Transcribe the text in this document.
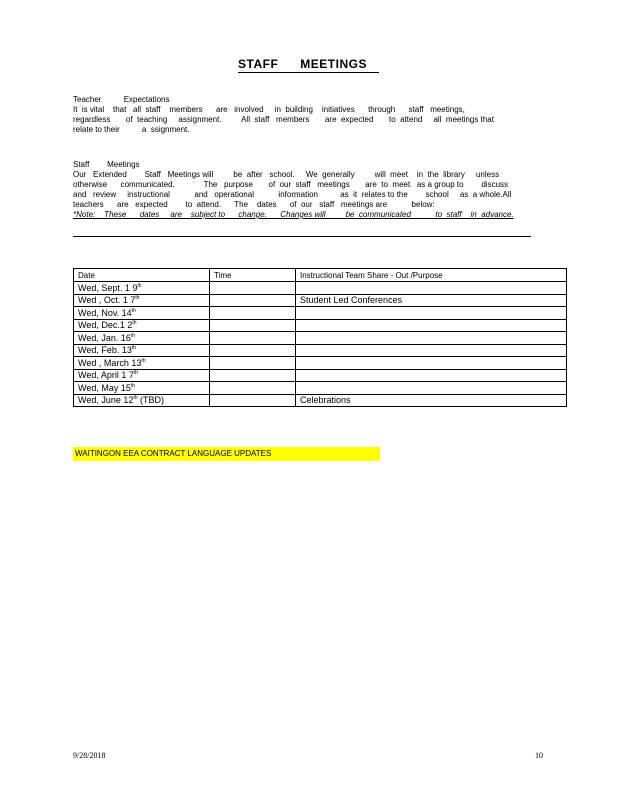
STAFF MEETINGS

Teacher          Expectations

It  is vital    that   all  staff    members      are   involved     in  building    initiatives      through      staff   meetings,

regardless       of  teaching     assignment.         All  staff   members       are  expected       to  attend     all  meetings that

relate to their          a  ssignment.

Staff        Meetings

Our   Extended        Staff   Meetings will         be  after   school.     We  generally         will  meet    in  the  library     unless

otherwise      communicated.             The   purpose       of  our  staff   meetings       are  to  meet   as a group to        discuss

and   review     instructional           and   operational           information          as  it  relates to the        school     as  a whole.All

teachers      are   expected        to  attend.      The    dates      of  our   staff   meetings are           below:

*Note:    These      dates     are    subject to      change.      Changes will         be  communicated           to  staff    in  advance.

Date	Time	Instructional Team Share - Out /Purpose
Wed, Sept. 1 9th		
Wed , Oct. 1 7th		Student Led Conferences
Wed, Nov. 14th		
Wed, Dec.1 2th		
Wed, Jan. 16th		
Wed, Feb. 13th		
Wed , March 13th		
Wed, April 1 7th		
Wed, May 15th		
Wed, June 12th (TBD)		Celebrations
WAITINGON EEA CONTRACT LANGUAGE UPDATES
9/28/2018	10
